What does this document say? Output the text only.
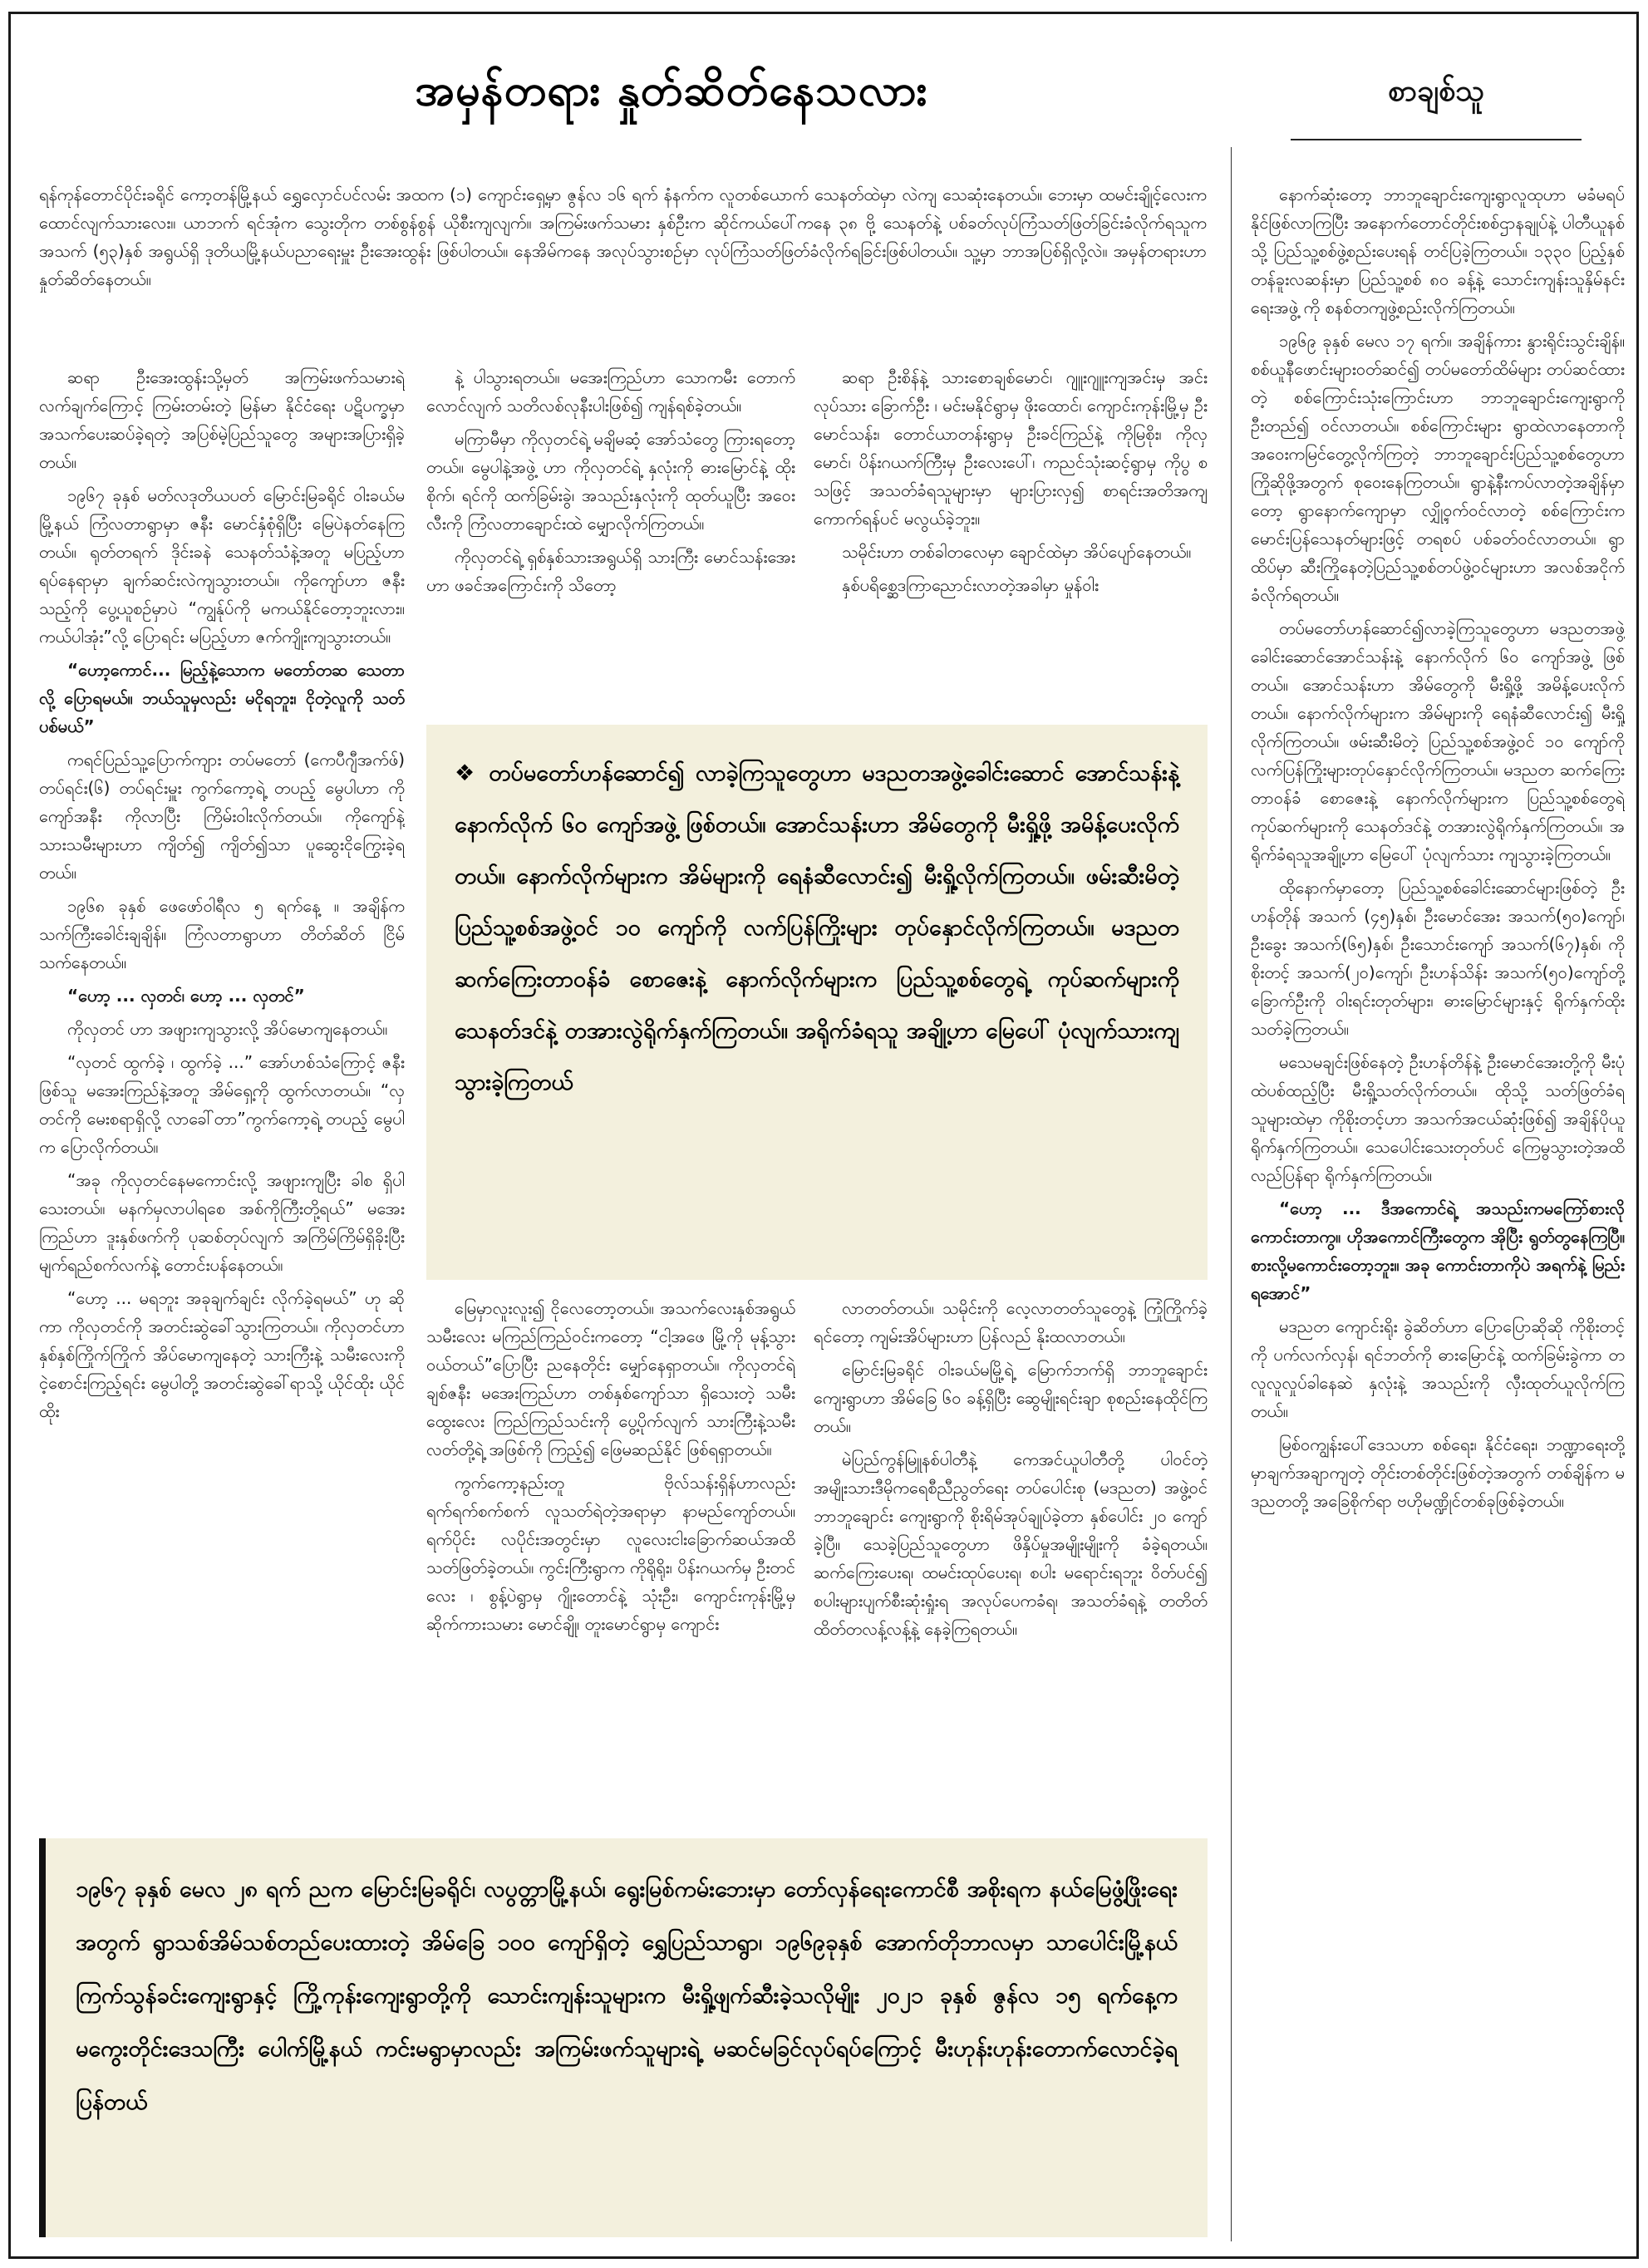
အမှန်တရား နှုတ်ဆိတ်နေသလား	စာချစ်သူ

ရန်ကုန်တောင်ပိုင်းခရိုင် ကော့တန်မြို့နယ် ရွှေလှောင်ပင်လမ်း အထက (၁) ကျောင်းရှေ့မှာ ဇွန်လ ၁၆ ရက် နံနက်က လူတစ်ယောက် သေနတ်ထဲမှာ လဲကျ သေဆုံးနေတယ်။ ဘေးမှာ ထမင်းချိုင့်လေးက ထောင်လျက်သားလေး။ ယာဘက် ရင်အုံက သွေးတိုက တစ်စွန်စွန် ယိုစီးကျလျက်။ အကြမ်းဖက်သမား နှစ်ဦးက ဆိုင်ကယ်ပေါ်ကနေ ၃၈ ဗို့ သေနတ်နဲ့ ပစ်ခတ်လုပ်ကြံသတ်ဖြတ်ခြင်းခံလိုက်ရသူက အသက် (၅၃)နှစ် အရွယ်ရှိ ဒုတိယမြို့နယ်ပညာရေးမှူး ဦးအေးထွန်း ဖြစ်ပါတယ်။ နေအိမ်ကနေ အလုပ်သွားစဉ်မှာ လုပ်ကြံသတ်ဖြတ်ခံလိုက်ရခြင်းဖြစ်ပါတယ်။ သူ့မှာ ဘာအပြစ်ရှိလို့လဲ။ အမှန်တရားဟာ နှုတ်ဆိတ်နေတယ်။

ဆရာ ဦးအေးထွန်းသို့မှတ် အကြမ်းဖက်သမားရဲ့ လက်ချက်ကြောင့် ကြမ်းတမ်းတဲ့ မြန်မာ နိုင်ငံရေး ပဋိပက္ခမှာ အသက်ပေးဆပ်ခဲ့ရတဲ့ အပြစ်မဲ့ပြည်သူတွေ အများအပြားရှိခဲ့တယ်။

၁၉၆၇ ခုနှစ် မတ်လဒုတိယပတ် မြောင်းမြခရိုင် ဝါးခယ်မမြို့နယ် ကြံလတာရွာမှာ ဇနီး မောင်နှံစုံရှိပြီး မြေပဲနတ်နေကြတယ်။ ရုတ်တရက် ဒိုင်းခနဲ သေနတ်သံနဲ့အတူ မပြည့်ဟာ ရပ်နေရာမှာ ချက်ဆင်းလဲကျသွားတယ်။ ကိုကျော်ဟာ ဇနီးသည့်ကို ပွေ့ယူစဉ်မှာပဲ “ကျွန်ုပ်ကို မကယ်နိုင်တော့ဘူးလား။ ကယ်ပါအုံး”လို့ ပြောရင်း မပြည့်ဟာ ဇက်ကျိုးကျသွားတယ်။

“ဟော့ကောင်... မြည့်နဲ့သောက မတော်တဆ သေတာလို့ ပြောရမယ်။ ဘယ်သူမှလည်း မငိုရဘူး၊ ငိုတဲ့လူကို သတ်ပစ်မယ်”

ကရင်ပြည်သူ့ပြောက်ကျား တပ်မတော် (ကေပီဂျီအက်ဖ်) တပ်ရင်း(၆) တပ်ရင်းမှူး ကွက်ကော့ရဲ့ တပည့် မွေပါဟာ ကိုကျော်အနီး ကိုလာပြီး ကြိမ်းဝါးလိုက်တယ်။ ကိုကျော်နဲ့ သားသမီးများဟာ ကျိတ်၍ ကျိတ်၍သာ ပူဆွေးငိုကြွေးခဲ့ရတယ်။

၁၉၆၈ ခုနှစ် ဖေဖော်ဝါရီလ ၅ ရက်နေ့ ။ အချိန်က သက်ကြီးခေါင်းချချိန်။ ကြံလတာရွာဟာ တိတ်ဆိတ် ငြိမ်သက်နေတယ်။

“ဟော့ ... လှတင်၊ ဟော့ ... လှတင်”

ကိုလှတင် ဟာ အဖျားကျသွားလို့ အိပ်မောကျနေတယ်။

“လှတင် ထွက်ခဲ့ ၊ ထွက်ခဲ့ ...” အော်ဟစ်သံကြောင့် ဇနီးဖြစ်သူ မအေးကြည်နဲ့အတူ အိမ်ရှေ့ကို ထွက်လာတယ်။ “လှတင်ကို မေးစရာရှိလို့ လာခေါ်တာ”ကွက်ကော့ရဲ့ တပည့် မွေပါက ပြောလိုက်တယ်။

“အခု ကိုလှတင်နေမကောင်းလို့ အဖျားကျပြီး ခါစ ရှိပါသေးတယ်။ မနက်မှလာပါရစေ အစ်ကိုကြီးတို့ရယ်” မအေးကြည်ဟာ ဒူးနှစ်ဖက်ကို ပုဆစ်တုပ်လျက် အကြိမ်ကြိမ်ရှိခိုးပြီး မျက်ရည်စက်လက်နဲ့ တောင်းပန်နေတယ်။

“ဟော့ ... မရဘူး အခုချက်ချင်း လိုက်ခဲ့ရမယ်” ဟု ဆိုကာ ကိုလှတင်ကို အတင်းဆွဲခေါ်သွားကြတယ်။ ကိုလှတင်ဟာ နှစ်နှစ်ကြိုက်ကြိုက် အိပ်မောကျနေတဲ့ သားကြီးနဲ့ သမီးလေးကို ငဲ့စောင်းကြည့်ရင်း မွေပါတို့ အတင်းဆွဲခေါ်ရာသို့ ယိုင်ထိုး ယိုင်ထိုး

နဲ့ ပါသွားရတယ်။ မအေးကြည်ဟာ သောကမီး တောက်လောင်လျက် သတိလစ်လုနီးပါးဖြစ်၍ ကျန်ရစ်ခဲ့တယ်။

မကြာမီမှာ ကိုလှတင်ရဲ့ မချိမဆံ့ အော်သံတွေ ကြားရတော့တယ်။ မွေပါနဲ့အဖွဲ့ ဟာ ကိုလှတင်ရဲ့ နှလုံးကို ဓားမြောင်နဲ့ ထိုးစိုက်၊ ရင်ကို ထက်ခြမ်းခွဲ၊ အသည်းနှလုံးကို ထုတ်ယူပြီး အဝေးလီးကို ကြံလတာချောင်းထဲ မျှောလိုက်ကြတယ်။

ကိုလှတင်ရဲ့ ရှစ်နှစ်သားအရွယ်ရှိ သားကြီး မောင်သန်းအေးဟာ ဖခင်အကြောင်းကို သိတော့

ဆရာ ဦးစိန်နဲ့ သားစောချစ်မောင်၊ ဂျူးဂျူးကျအင်းမှ အင်းလုပ်သား ခြောက်ဦး ၊ မင်းမနိုင်ရွာမှ ဖိုးထောင်၊ ကျောင်းကုန်းမြို့မှ ဦးမောင်သန်း၊ တောင်ယာတန်းရွာမှ ဦးခင်ကြည်နဲ့ ကိုမြစိုး၊ ကိုလှမောင်၊ ပိန်းဂယက်ကြီးမှ ဦးလေးပေါ်၊ ကညင်သုံးဆင့်ရွာမှ ကိုပွ စသဖြင့် အသတ်ခံရသူများမှာ များပြားလှ၍ စာရင်းအတိအကျ ကောက်ရန်ပင် မလွယ်ခဲ့ဘူး။

သမိုင်းဟာ တစ်ခါတလေမှာ ချောင်ထဲမှာ အိပ်ပျော်နေတယ်။

နှစ်ပရိစ္ဆေဒကြာညောင်းလာတဲ့အခါမှာ မှုန်ဝါး

❖ တပ်မတော်ဟန်ဆောင်၍ လာခဲ့ကြသူတွေဟာ မဒညတအဖွဲ့ခေါင်းဆောင် အောင်သန်းနဲ့ နောက်လိုက် ၆၀ ကျော်အဖွဲ့ ဖြစ်တယ်။ အောင်သန်းဟာ အိမ်တွေကို မီးရှို့ဖို့ အမိန့်ပေးလိုက်တယ်။ နောက်လိုက်များက အိမ်များကို ရေနံဆီလောင်း၍ မီးရှို့လိုက်ကြတယ်။ ဖမ်းဆီးမိတဲ့ ပြည်သူ့စစ်အဖွဲ့ဝင် ၁၀ ကျော်ကို လက်ပြန်ကြိုးများ တုပ်နှောင်လိုက်ကြတယ်။ မဒညတ ဆက်ကြေးတာဝန်ခံ စောဇေးနဲ့ နောက်လိုက်များက ပြည်သူ့စစ်တွေရဲ့ ကုပ်ဆက်များကို သေနတ်ဒင်နဲ့ တအားလွဲရိုက်နှက်ကြတယ်။ အရိုက်ခံရသူ အချို့ဟာ မြေပေါ် ပုံလျက်သားကျသွားခဲ့ကြတယ်

မြေမှာလူးလူး၍ ငိုလေတော့တယ်။ အသက်လေးနှစ်အရွယ်သမီးလေး မကြည်ကြည်ဝင်းကတော့ “ငါ့အဖေ မြို့ကို မုန့်သွားဝယ်တယ်”ပြောပြီး ညနေတိုင်း မျှော်နေရှာတယ်။ ကိုလှတင်ရဲ့ ချစ်ဇနီး မအေးကြည်ဟာ တစ်နှစ်ကျော်သာ ရှိသေးတဲ့ သမီးထွေးလေး ကြည်ကြည်သင်းကို ပွေ့ပိုက်လျက် သားကြီးနဲ့သမီးလတ်တို့ရဲ့ အဖြစ်ကို ကြည့်၍ ဖြေမဆည်နိုင် ဖြစ်ရရှာတယ်။

ကွက်ကော့နည်းတူ ဗိုလ်သန်းရှိန်ဟာလည်း ရက်ရက်စက်စက် လူသတ်ရဲတဲ့အရာမှာ နာမည်ကျော်တယ်။ ရက်ပိုင်း လပိုင်းအတွင်းမှာ လူလေးငါးခြောက်ဆယ်အထိ သတ်ဖြတ်ခဲ့တယ်။ ကွင်းကြီးရွာက ကိုရိုရိုး၊ ပိန်းဂယက်မှ ဦးတင်လေး ၊ စွန့်ပဲရွာမှ ဂျိုးတောင်နဲ့ သုံးဦး၊ ကျောင်းကုန်းမြို့မှ ဆိုက်ကားသမား မောင်ချို၊ တူးမောင်ရွာမှ ကျောင်း

လာတတ်တယ်။ သမိုင်းကို လေ့လာတတ်သူတွေနဲ့ ကြုံကြိုက်ခဲ့ရင်တော့ ကျမ်းအိပ်များဟာ ပြန်လည် နိုးထလာတယ်။

မြောင်းမြခရိုင် ဝါးခယ်မမြို့ရဲ့ မြောက်ဘက်ရှိ ဘာဘူချောင်းကျေးရွာဟာ အိမ်ခြေ ၆၀ ခန့်ရှိပြီး ဆွေမျိုးရင်းချာ စုစည်းနေထိုင်ကြတယ်။

မဲပြည်ကွန်မြူနစ်ပါတီနဲ့ ကေအင်ယူပါတီတို့ ပါဝင်တဲ့ အမျိုးသားဒီမိုကရေစီညီညွတ်ရေး တပ်ပေါင်းစု (မဒညတ) အဖွဲ့ဝင် ဘာဘူချောင်း ကျေးရွာကို စိုးရိမ်အုပ်ချုပ်ခဲ့တာ နှစ်ပေါင်း ၂၀ ကျော်ခဲ့ပြီ။ သေခဲ့ပြည်သူတွေဟာ ဖိနှိပ်မှုအမျိုးမျိုးကို ခံခဲ့ရတယ်။ ဆက်ကြေးပေးရ၊ ထမင်းထုပ်ပေးရ၊ စပါး မရောင်းရဘူး ဝိတ်ပင်၍ စပါးများပျက်စီးဆုံးရှုံးရ အလုပ်ပေကခံရ၊ အသတ်ခံရနဲ့ တတိတ်ထိတ်တလန့်လန့်နဲ့ နေခဲ့ကြရတယ်။

၁၉၆၇ ခုနှစ် မေလ ၂၈ ရက် ညက မြောင်းမြခရိုင်၊ လပွတ္တာမြို့နယ်၊ ရွေးမြစ်ကမ်းဘေးမှာ တော်လှန်ရေးကောင်စီ အစိုးရက နယ်မြေဖွံ့ဖြိုးရေးအတွက် ရွာသစ်အိမ်သစ်တည်ပေးထားတဲ့ အိမ်ခြေ ၁၀၀ ကျော်ရှိတဲ့ ရွှေပြည်သာရွာ၊ ၁၉၆၉ခုနှစ် အောက်တိုဘာလမှာ သာပေါင်းမြို့နယ် ကြက်သွန်ခင်းကျေးရွာနှင့် ကြို့ကုန်းကျေးရွာတို့ကို သောင်းကျန်းသူများက မီးရှို့ဖျက်ဆီးခဲ့သလိုမျိုး ၂၀၂၁ ခုနှစ် ဇွန်လ ၁၅ ရက်နေ့က မကွေးတိုင်းဒေသကြီး ပေါက်မြို့နယ် ကင်းမရွာမှာလည်း အကြမ်းဖက်သူများရဲ့ မဆင်မခြင်လုပ်ရပ်ကြောင့် မီးဟုန်းဟုန်းတောက်လောင်ခဲ့ရ ပြန်တယ်

နောက်ဆုံးတော့ ဘာဘူချောင်းကျေးရွာလူထုဟာ မခံမရပ်နိုင်ဖြစ်လာကြပြီး အနောက်တောင်တိုင်းစစ်ဌာနချုပ်နဲ့ ပါတီယူနစ်သို့ ပြည်သူ့စစ်ဖွဲ့စည်းပေးရန် တင်ပြခဲ့ကြတယ်။ ၁၃၃၀ ပြည့်နှစ်တန်ခူးလဆန်းမှာ ပြည်သူ့စစ် ၈၀ ခန့်နဲ့ သောင်းကျန်းသူနှိမ်နင်းရေးအဖွဲ့ ကို စနစ်တကျဖွဲ့စည်းလိုက်ကြတယ်။

၁၉၆၉ ခုနှစ် မေလ ၁၇ ရက်။ အချိန်ကား နွားရိုင်းသွင်းချိန်။ စစ်ယူနီဖောင်းများဝတ်ဆင်၍ တပ်မတော်ထိမ်များ တပ်ဆင်ထားတဲ့ စစ်ကြောင်းသုံးကြောင်းဟာ ဘာဘူချောင်းကျေးရွာကို ဦးတည်၍ ဝင်လာတယ်။ စစ်ကြောင်းများ ရွာထဲလာနေတာကို အဝေးကမြင်တွေ့လိုက်ကြတဲ့ ဘာဘူချောင်းပြည်သူ့စစ်တွေဟာ ကြိုဆိုဖို့အတွက် စုဝေးနေကြတယ်။ ရွာနဲ့နီးကပ်လာတဲ့အချိန်မှာတော့ ရွာနောက်ကျောမှာ လျှို့ဝှက်ဝင်လာတဲ့ စစ်ကြောင်းက မောင်းပြန်သေနတ်များဖြင့် တရစပ် ပစ်ခတ်ဝင်လာတယ်။ ရွာထိပ်မှာ ဆီးကြိုနေတဲ့ပြည်သူ့စစ်တပ်ဖွဲ့ဝင်များဟာ အလစ်အငိုက် ခံလိုက်ရတယ်။

တပ်မတော်ဟန်ဆောင်၍လာခဲ့ကြသူတွေဟာ မဒညတအဖွဲ့ခေါင်းဆောင်အောင်သန်းနဲ့ နောက်လိုက် ၆၀ ကျော်အဖွဲ့ ဖြစ်တယ်။ အောင်သန်းဟာ အိမ်တွေကို မီးရှို့ဖို့ အမိန့်ပေးလိုက်တယ်။ နောက်လိုက်များက အိမ်များကို ရေနံဆီလောင်း၍ မီးရှို့လိုက်ကြတယ်။ ဖမ်းဆီးမိတဲ့ ပြည်သူ့စစ်အဖွဲ့ဝင် ၁၀ ကျော်ကို လက်ပြန်ကြိုးများတုပ်နှောင်လိုက်ကြတယ်။ မဒညတ ဆက်ကြေးတာဝန်ခံ စောဇေးနဲ့ နောက်လိုက်များက ပြည်သူ့စစ်တွေရဲ့ ကုပ်ဆက်များကို သေနတ်ဒင်နဲ့ တအားလွဲရိုက်နှက်ကြတယ်။ အရိုက်ခံရသူအချို့ဟာ မြေပေါ် ပုံလျက်သား ကျသွားခဲ့ကြတယ်။

ထိုနောက်မှာတော့ ပြည်သူ့စစ်ခေါင်းဆောင်များဖြစ်တဲ့ ဦးဟန်တိုန် အသက် (၄၅)နှစ်၊ ဦးမောင်အေး အသက်(၅၀)ကျော်၊ ဦးခွေး အသက်(၆၅)နှစ်၊ ဦးသောင်းကျော် အသက်(၆၇)နှစ်၊ ကိုစိုးတင့် အသက်(၂၀)ကျော်၊ ဦးဟန်သိန်း အသက်(၅၀)ကျော်တို့ ခြောက်ဦးကို ဝါးရင်းတုတ်များ၊ ဓားမြောင်များနှင့် ရိုက်နှက်ထိုးသတ်ခဲ့ကြတယ်။

မသေမချင်းဖြစ်နေတဲ့ ဦးဟန်တိန်နဲ့ ဦးမောင်အေးတို့ကို မီးပုံထဲပစ်ထည့်ပြီး မီးရှို့သတ်လိုက်တယ်။ ထိုသို့ သတ်ဖြတ်ခံရသူများထဲမှာ ကိုစိုးတင့်ဟာ အသက်အငယ်ဆုံးဖြစ်၍ အချိန်ပိုယူရိုက်နှက်ကြတယ်။ သေပေါင်းသေးတုတ်ပင် ကြေမွသွားတဲ့အထိ လည်ပြန်ရာ ရိုက်နှက်ကြတယ်။

“ဟော့ ... ဒီအကောင်ရဲ့ အသည်းကမကြော်စားလိုကောင်းတာကွ။ ဟိုအကောင်ကြီးတွေက အိုပြီး ရွတ်တွနေကြပြီ။ စားလို့မကောင်းတော့ဘူး။ အခု ကောင်းတာကိုပဲ အရက်နဲ့ မြည်းရအောင်”

မဒညတ ကျောင်းရိုး ခွဲဆိတ်ဟာ ပြောပြောဆိုဆို ကိုစိုးတင့်ကို ပက်လက်လှန်၊ ရင်ဘတ်ကို ဓားမြောင်နဲ့ ထက်ခြမ်းခွဲကာ တလူလူလှုပ်ခါနေဆဲ နှလုံးနဲ့ အသည်းကို လှီးထုတ်ယူလိုက်ကြတယ်။

မြစ်ဝကျွန်းပေါ်ဒေသဟာ စစ်ရေး၊ နိုင်ငံရေး၊ ဘဏ္ဍာရေးတို့မှာချက်အချာကျတဲ့ တိုင်းတစ်တိုင်းဖြစ်တဲ့အတွက် တစ်ချိန်က မဒညတတို့ အခြေစိုက်ရာ ဗဟိုမဏ္ဍိုင်တစ်ခုဖြစ်ခဲ့တယ်။
